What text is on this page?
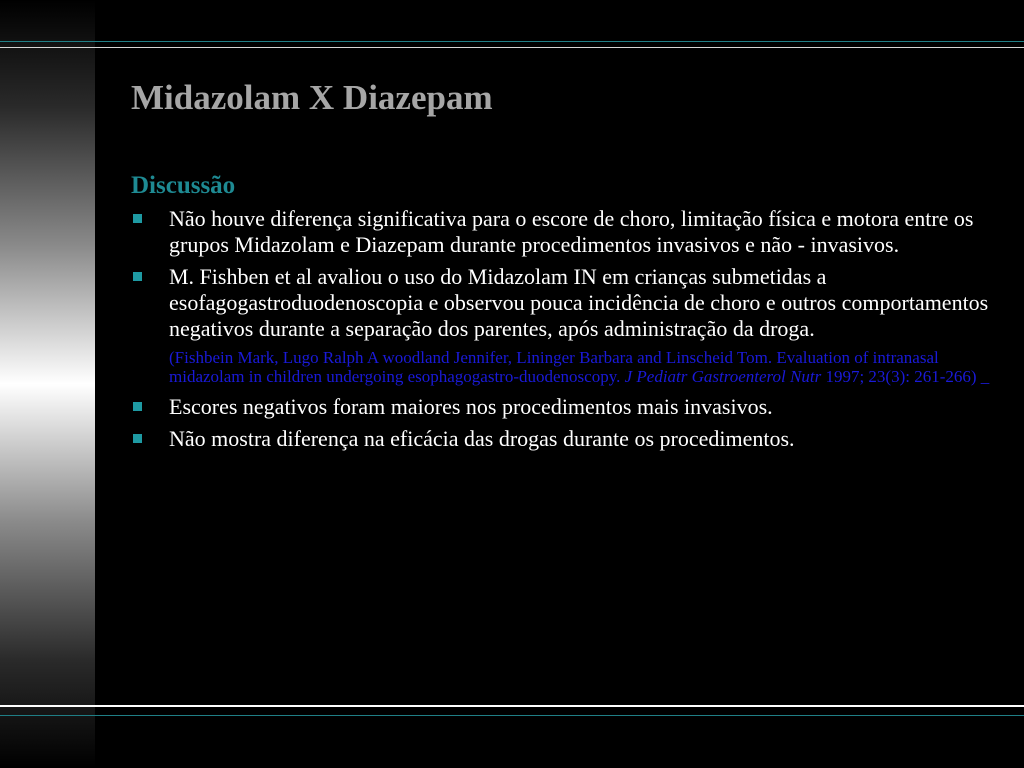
Midazolam X Diazepam
Discussão
Não houve diferença significativa para o escore de choro, limitação física e motora entre os grupos Midazolam e Diazepam durante procedimentos invasivos e não - invasivos.
M. Fishben et al avaliou o uso do Midazolam IN em crianças submetidas a esofagogastroduodenoscopia e observou pouca incidência de choro e outros comportamentos negativos durante a separação dos parentes, após administração da droga.
(Fishbein Mark, Lugo Ralph A woodland Jennifer, Lininger Barbara and Linscheid Tom. Evaluation of intranasal midazolam in children undergoing esophagogastro-duodenoscopy. J Pediatr Gastroenterol Nutr 1997; 23(3): 261-266) _
Escores negativos foram maiores nos procedimentos mais invasivos.
Não mostra diferença na eficácia das drogas durante os procedimentos.
